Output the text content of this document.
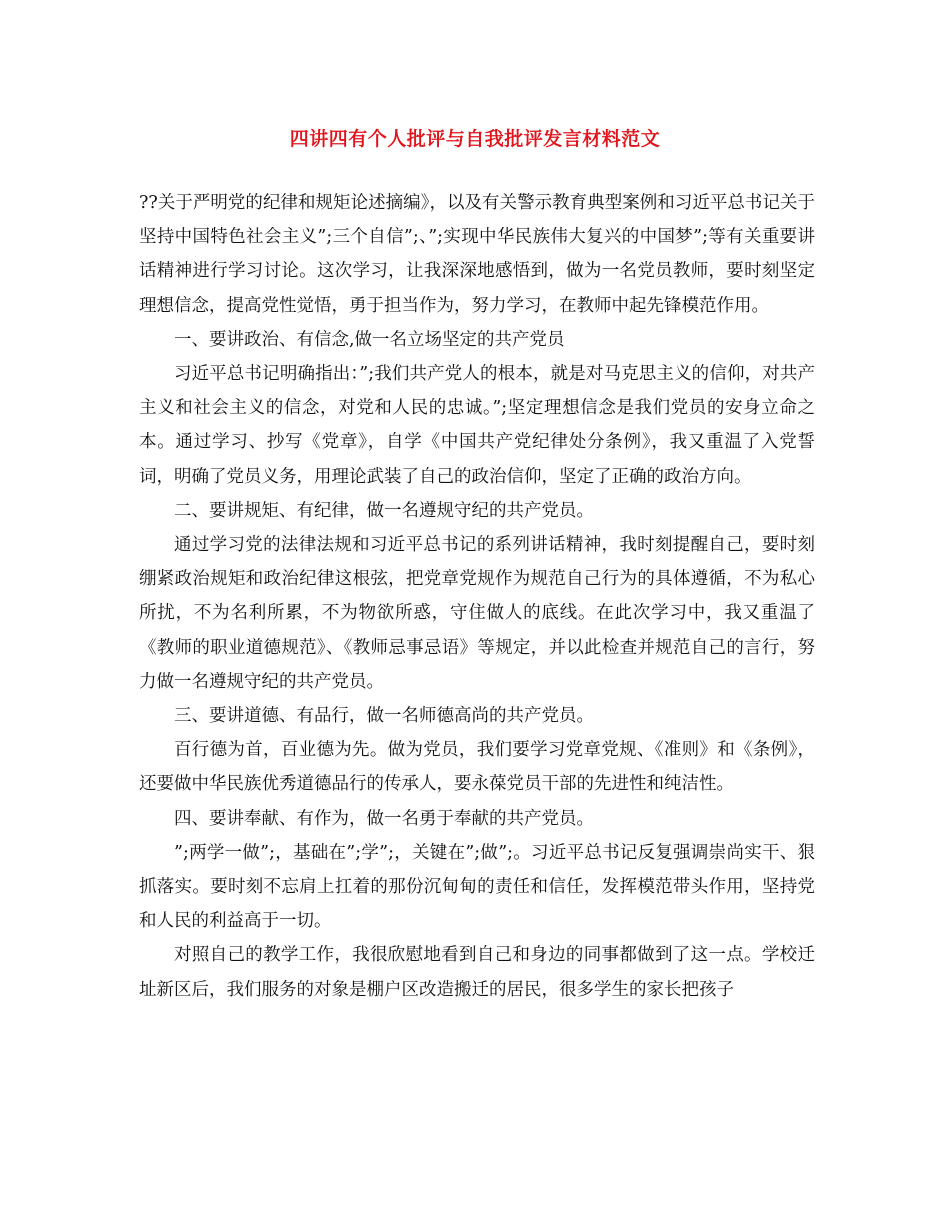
四讲四有个人批评与自我批评发言材料范文

??关于严明党的纪律和规矩论述摘编》，以及有关警示教育典型案例和习近平总书记关于坚持中国特色社会主义”;三个自信”;、”;实现中华民族伟大复兴的中国梦”;等有关重要讲话精神进行学习讨论。这次学习，让我深深地感悟到，做为一名党员教师，要时刻坚定理想信念，提高党性觉悟，勇于担当作为，努力学习，在教师中起先锋模范作用。

一、要讲政治、有信念,做一名立场坚定的共产党员

习近平总书记明确指出：”;我们共产党人的根本，就是对马克思主义的信仰，对共产主义和社会主义的信念，对党和人民的忠诚。”;坚定理想信念是我们党员的安身立命之本。通过学习、抄写《党章》，自学《中国共产党纪律处分条例》，我又重温了入党誓词，明确了党员义务，用理论武装了自己的政治信仰，坚定了正确的政治方向。

二、要讲规矩、有纪律，做一名遵规守纪的共产党员。

通过学习党的法律法规和习近平总书记的系列讲话精神，我时刻提醒自己，要时刻绷紧政治规矩和政治纪律这根弦，把党章党规作为规范自己行为的具体遵循，不为私心所扰，不为名利所累，不为物欲所惑，守住做人的底线。在此次学习中，我又重温了《教师的职业道德规范》、《教师忌事忌语》等规定，并以此检查并规范自己的言行，努力做一名遵规守纪的共产党员。

三、要讲道德、有品行，做一名师德高尚的共产党员。

百行德为首，百业德为先。做为党员，我们要学习党章党规、《准则》和《条例》，还要做中华民族优秀道德品行的传承人，要永葆党员干部的先进性和纯洁性。

四、要讲奉献、有作为，做一名勇于奉献的共产党员。

”;两学一做”;，基础在”;学”;，关键在”;做”;。习近平总书记反复强调崇尚实干、狠抓落实。要时刻不忘肩上扛着的那份沉甸甸的责任和信任，发挥模范带头作用，坚持党和人民的利益高于一切。

对照自己的教学工作，我很欣慰地看到自己和身边的同事都做到了这一点。学校迁址新区后，我们服务的对象是棚户区改造搬迁的居民，很多学生的家长把孩子
